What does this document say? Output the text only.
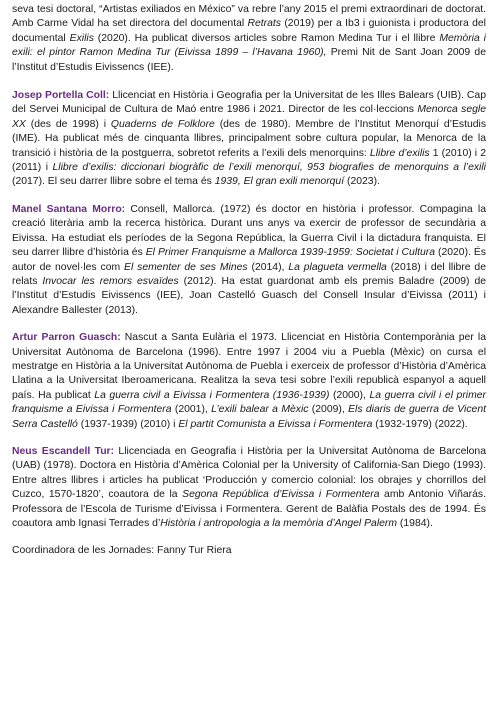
seva tesi doctoral, “Artistas exiliados en México” va rebre l’any 2015 el premi extraordinari de doctorat. Amb Carme Vidal ha set directora del documental Retrats (2019) per a Ib3 i guionista i productora del documental Exilis (2020). Ha publicat diversos articles sobre Ramon Medina Tur i el llibre Memòria i exili: el pintor Ramon Medina Tur (Eivissa 1899 – l’Havana 1960), Premi Nit de Sant Joan 2009 de l’Institut d’Estudis Eivissencs (IEE).

Josep Portella Coll: Llicenciat en Història i Geografia per la Universitat de les Illes Balears (UIB). Cap del Servei Municipal de Cultura de Maó entre 1986 i 2021. Director de les col·leccions Menorca segle XX (des de 1998) i Quaderns de Folklore (des de 1980). Membre de l’Institut Menorquí d’Estudis (IME). Ha publicat més de cinquanta llibres, principalment sobre cultura popular, la Menorca de la transició i història de la postguerra, sobretot referits a l’exili dels menorquins: Llibre d’exilis 1 (2010) i 2 (2011) i Llibre d’exilis: diccionari biogràfic de l’exili menorquí, 953 biografies de menorquins a l’exili (2017). El seu darrer llibre sobre el tema és 1939, El gran exili menorquí (2023).

Manel Santana Morro: Consell, Mallorca. (1972) és doctor en història i professor. Compagina la creació literària amb la recerca històrica. Durant uns anys va exercir de professor de secundària a Eivissa. Ha estudiat els períodes de la Segona República, la Guerra Civil i la dictadura franquista. El seu darrer llibre d’història és El Primer Franquisme a Mallorca 1939-1959: Societat i Cultura (2020). És autor de novel·les com El sementer de ses Mines (2014), La plagueta vermella (2018) i del llibre de relats Invocar les remors esvaïdes (2012). Ha estat guardonat amb els premis Baladre (2009) de l’Institut d’Estudis Eivissencs (IEE), Joan Castelló Guasch del Consell Insular d’Eivissa (2011) i Alexandre Ballester (2013).

Artur Parron Guasch: Nascut a Santa Eulària el 1973. Llicenciat en Història Contemporània per la Universitat Autònoma de Barcelona (1996). Entre 1997 i 2004 viu a Puebla (Mèxic) on cursa el mestratge en Història a la Universitat Autònoma de Puebla i exerceix de professor d’Història d’Amèrica Llatina a la Universitat Iberoamericana. Realitza la seva tesi sobre l’exili republicà espanyol a aquell país. Ha publicat La guerra civil a Eivissa i Formentera (1936-1939) (2000), La guerra civil i el primer franquisme a Eivissa i Formentera (2001), L’exili balear a Mèxic (2009), Els diaris de guerra de Vicent Serra Castelló (1937-1939) (2010) i El partit Comunista a Eivissa i Formentera (1932-1979) (2022).

Neus Escandell Tur: Llicenciada en Geografia i Història per la Universitat Autònoma de Barcelona (UAB) (1978). Doctora en Història d’Amèrica Colonial per la University of California-San Diego (1993). Entre altres llibres i articles ha publicat ‘Producción y comercio colonial: los obrajes y chorrillos del Cuzco, 1570-1820’, coautora de la Segona República d’Eivissa i Formentera amb Antonio Viñarás. Professora de l’Escola de Turisme d’Eivissa i Formentera. Gerent de Balàfia Postals des de 1994. És coautora amb Ignasi Terrades d’Història i antropologia a la memòria d’Angel Palerm (1984).

Coordinadora de les Jornades: Fanny Tur Riera
